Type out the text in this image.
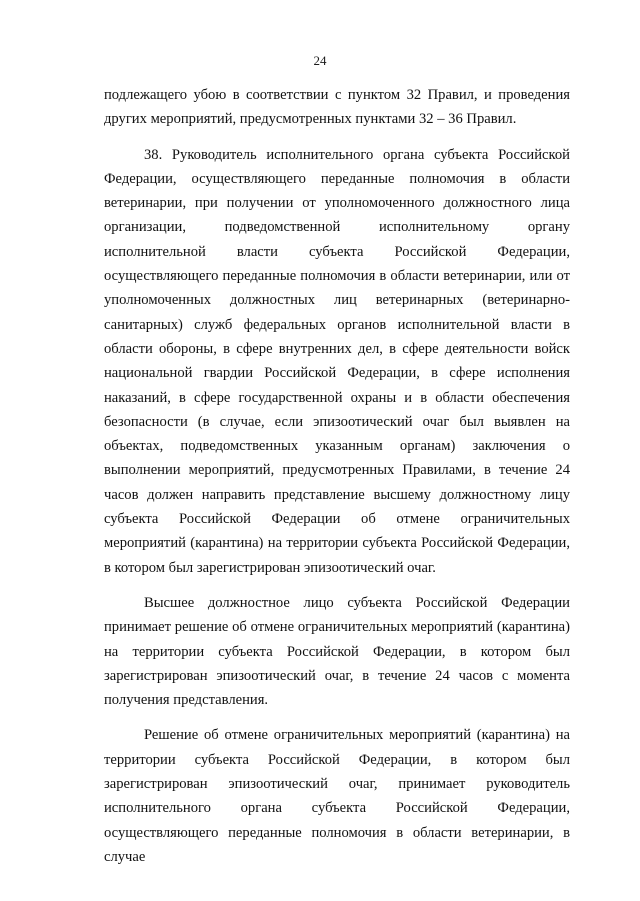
24

подлежащего убою в соответствии с пунктом 32 Правил, и проведения других мероприятий, предусмотренных пунктами 32 – 36 Правил.

38. Руководитель исполнительного органа субъекта Российской Федерации, осуществляющего переданные полномочия в области ветеринарии, при получении от уполномоченного должностного лица организации, подведомственной исполнительному органу исполнительной власти субъекта Российской Федерации, осуществляющего переданные полномочия в области ветеринарии, или от уполномоченных должностных лиц ветеринарных (ветеринарно-санитарных) служб федеральных органов исполнительной власти в области обороны, в сфере внутренних дел, в сфере деятельности войск национальной гвардии Российской Федерации, в сфере исполнения наказаний, в сфере государственной охраны и в области обеспечения безопасности (в случае, если эпизоотический очаг был выявлен на объектах, подведомственных указанным органам) заключения о выполнении мероприятий, предусмотренных Правилами, в течение 24 часов должен направить представление высшему должностному лицу субъекта Российской Федерации об отмене ограничительных мероприятий (карантина) на территории субъекта Российской Федерации, в котором был зарегистрирован эпизоотический очаг.

Высшее должностное лицо субъекта Российской Федерации принимает решение об отмене ограничительных мероприятий (карантина) на территории субъекта Российской Федерации, в котором был зарегистрирован эпизоотический очаг, в течение 24 часов с момента получения представления.

Решение об отмене ограничительных мероприятий (карантина) на территории субъекта Российской Федерации, в котором был зарегистрирован эпизоотический очаг, принимает руководитель исполнительного органа субъекта Российской Федерации, осуществляющего переданные полномочия в области ветеринарии, в случае
